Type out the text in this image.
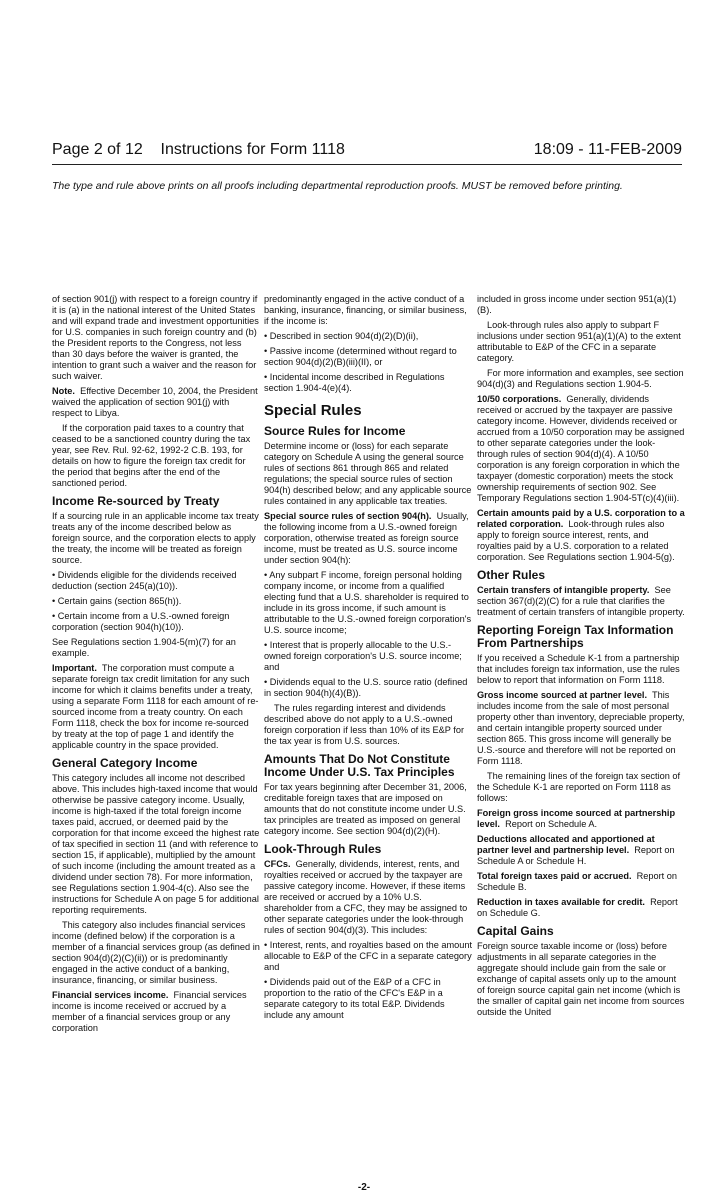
Page 2 of 12 Instructions for Form 1118	18:09 - 11-FEB-2009
The type and rule above prints on all proofs including departmental reproduction proofs. MUST be removed before printing.

of section 901(j) with respect to a foreign country if it is (a) in the national interest of the United States and will expand trade and investment opportunities for U.S. companies in such foreign country and (b) the President reports to the Congress, not less than 30 days before the waiver is granted, the intention to grant such a waiver and the reason for such waiver.

Note. Effective December 10, 2004, the President waived the application of section 901(j) with respect to Libya.

If the corporation paid taxes to a country that ceased to be a sanctioned country during the tax year, see Rev. Rul. 92-62, 1992-2 C.B. 193, for details on how to figure the foreign tax credit for the period that begins after the end of the sanctioned period.

Income Re-sourced by Treaty

If a sourcing rule in an applicable income tax treaty treats any of the income described below as foreign source, and the corporation elects to apply the treaty, the income will be treated as foreign source.

• Dividends eligible for the dividends received deduction (section 245(a)(10)).

• Certain gains (section 865(h)).

• Certain income from a U.S.-owned foreign corporation (section 904(h)(10)).

See Regulations section 1.904-5(m)(7) for an example.

Important. The corporation must compute a separate foreign tax credit limitation for any such income for which it claims benefits under a treaty, using a separate Form 1118 for each amount of re-sourced income from a treaty country. On each Form 1118, check the box for income re-sourced by treaty at the top of page 1 and identify the applicable country in the space provided.

General Category Income

This category includes all income not described above. This includes high-taxed income that would otherwise be passive category income. Usually, income is high-taxed if the total foreign income taxes paid, accrued, or deemed paid by the corporation for that income exceed the highest rate of tax specified in section 11 (and with reference to section 15, if applicable), multiplied by the amount of such income (including the amount treated as a dividend under section 78). For more information, see Regulations section 1.904-4(c). Also see the instructions for Schedule A on page 5 for additional reporting requirements.

This category also includes financial services income (defined below) if the corporation is a member of a financial services group (as defined in section 904(d)(2)(C)(ii)) or is predominantly engaged in the active conduct of a banking, insurance, financing, or similar business.

Financial services income. Financial services income is income received or accrued by a member of a financial services group or any corporation

predominantly engaged in the active conduct of a banking, insurance, financing, or similar business, if the income is:

• Described in section 904(d)(2)(D)(ii),

• Passive income (determined without regard to section 904(d)(2)(B)(iii)(II), or

• Incidental income described in Regulations section 1.904-4(e)(4).

Special Rules
Source Rules for Income

Determine income or (loss) for each separate category on Schedule A using the general source rules of sections 861 through 865 and related regulations; the special source rules of section 904(h) described below; and any applicable source rules contained in any applicable tax treaties.

Special source rules of section 904(h). Usually, the following income from a U.S.-owned foreign corporation, otherwise treated as foreign source income, must be treated as U.S. source income under section 904(h):

• Any subpart F income, foreign personal holding company income, or income from a qualified electing fund that a U.S. shareholder is required to include in its gross income, if such amount is attributable to the U.S.-owned foreign corporation's U.S. source income;

• Interest that is properly allocable to the U.S.-owned foreign corporation's U.S. source income; and

• Dividends equal to the U.S. source ratio (defined in section 904(h)(4)(B)).

The rules regarding interest and dividends described above do not apply to a U.S.-owned foreign corporation if less than 10% of its E&P for the tax year is from U.S. sources.

Amounts That Do Not Constitute Income Under U.S. Tax Principles

For tax years beginning after December 31, 2006, creditable foreign taxes that are imposed on amounts that do not constitute income under U.S. tax principles are treated as imposed on general category income. See section 904(d)(2)(H).

Look-Through Rules

CFCs. Generally, dividends, interest, rents, and royalties received or accrued by the taxpayer are passive category income. However, if these items are received or accrued by a 10% U.S. shareholder from a CFC, they may be assigned to other separate categories under the look-through rules of section 904(d)(3). This includes:

• Interest, rents, and royalties based on the amount allocable to E&P of the CFC in a separate category and

• Dividends paid out of the E&P of a CFC in proportion to the ratio of the CFC's E&P in a separate category to its total E&P. Dividends include any amount

included in gross income under section 951(a)(1)(B).

Look-through rules also apply to subpart F inclusions under section 951(a)(1)(A) to the extent attributable to E&P of the CFC in a separate category.

For more information and examples, see section 904(d)(3) and Regulations section 1.904-5.

10/50 corporations. Generally, dividends received or accrued by the taxpayer are passive category income. However, dividends received or accrued from a 10/50 corporation may be assigned to other separate categories under the look-through rules of section 904(d)(4). A 10/50 corporation is any foreign corporation in which the taxpayer (domestic corporation) meets the stock ownership requirements of section 902. See Temporary Regulations section 1.904-5T(c)(4)(iii).

Certain amounts paid by a U.S. corporation to a related corporation. Look-through rules also apply to foreign source interest, rents, and royalties paid by a U.S. corporation to a related corporation. See Regulations section 1.904-5(g).

Other Rules

Certain transfers of intangible property. See section 367(d)(2)(C) for a rule that clarifies the treatment of certain transfers of intangible property.

Reporting Foreign Tax Information From Partnerships

If you received a Schedule K-1 from a partnership that includes foreign tax information, use the rules below to report that information on Form 1118.

Gross income sourced at partner level. This includes income from the sale of most personal property other than inventory, depreciable property, and certain intangible property sourced under section 865. This gross income will generally be U.S.-source and therefore will not be reported on Form 1118.

The remaining lines of the foreign tax section of the Schedule K-1 are reported on Form 1118 as follows:

Foreign gross income sourced at partnership level. Report on Schedule A.

Deductions allocated and apportioned at partner level and partnership level. Report on Schedule A or Schedule H.

Total foreign taxes paid or accrued. Report on Schedule B.

Reduction in taxes available for credit. Report on Schedule G.

Capital Gains

Foreign source taxable income or (loss) before adjustments in all separate categories in the aggregate should include gain from the sale or exchange of capital assets only up to the amount of foreign source capital gain net income (which is the smaller of capital gain net income from sources outside the United

-2-
